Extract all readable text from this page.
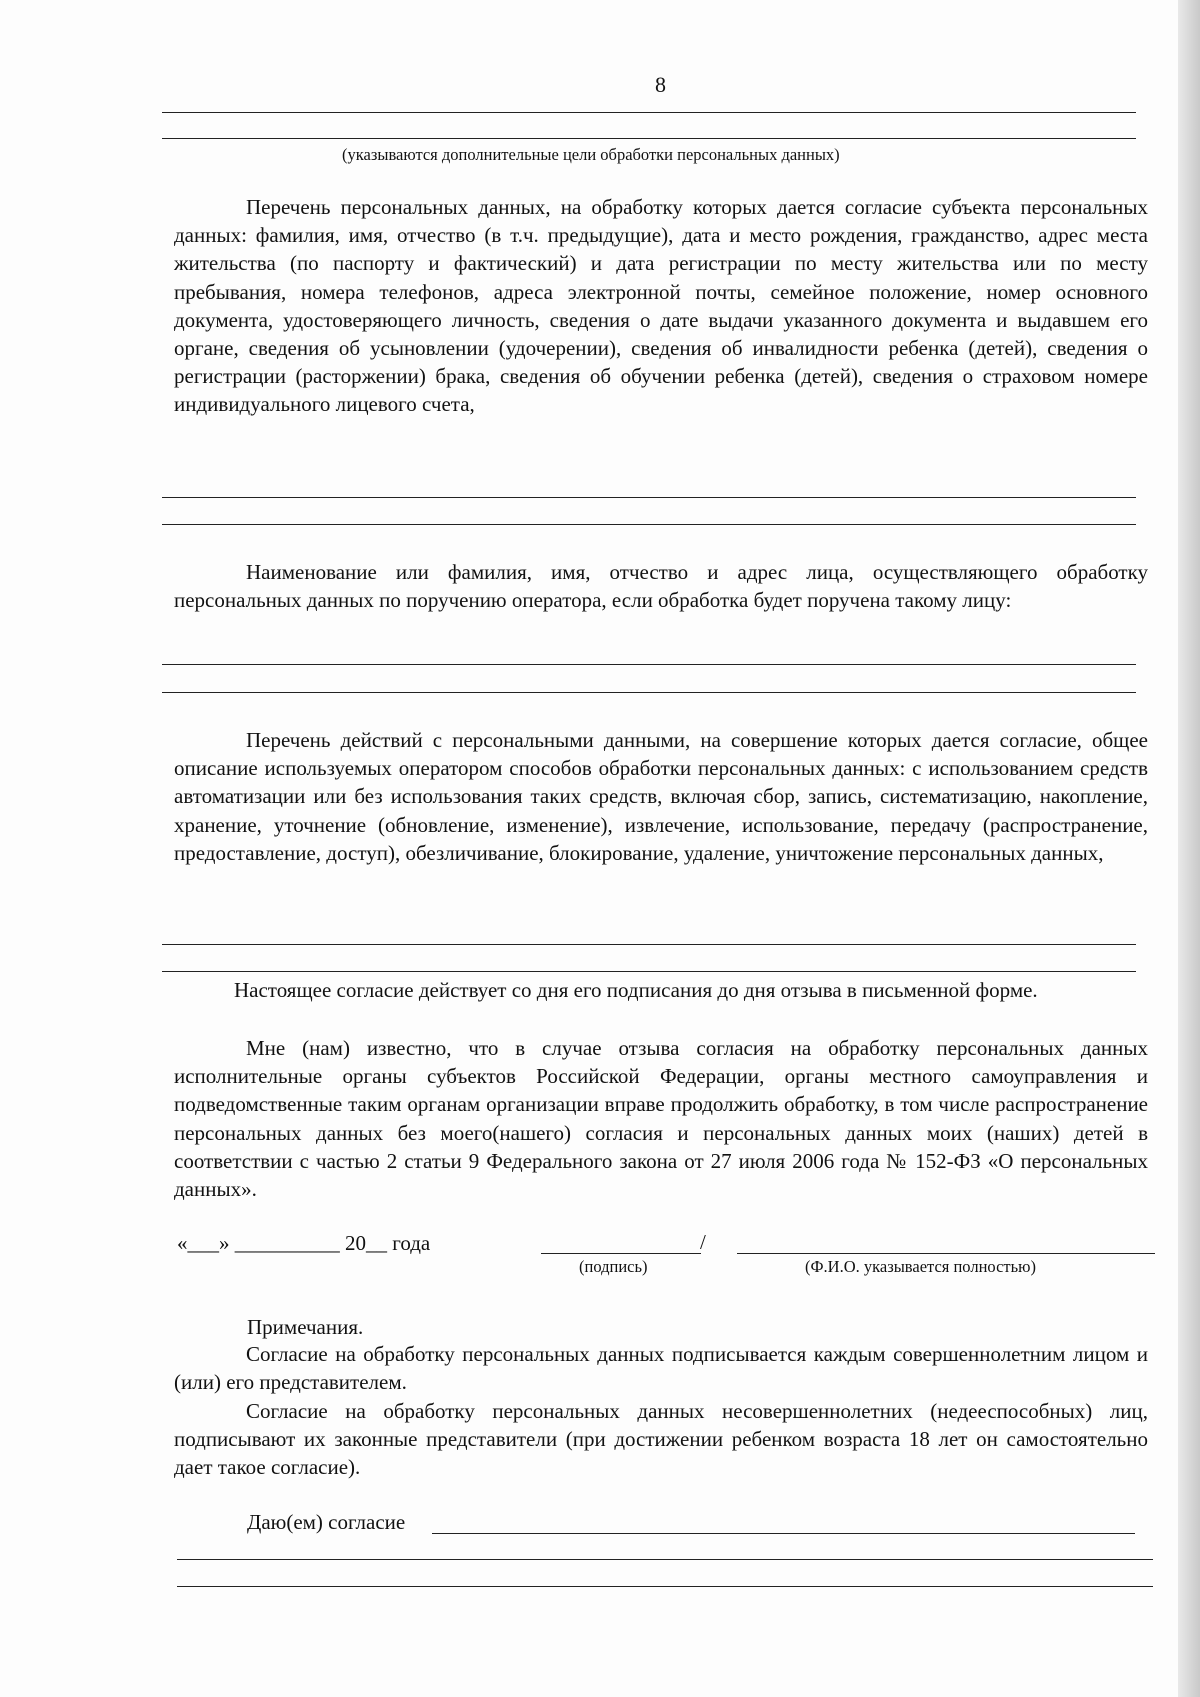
8
(указываются дополнительные цели обработки персональных данных)

Перечень персональных данных, на обработку которых дается согласие субъекта персональных данных: фамилия, имя, отчество (в т.ч. предыдущие), дата и место рождения, гражданство, адрес места жительства (по паспорту и фактический) и дата регистрации по месту жительства или по месту пребывания, номера телефонов, адреса электронной почты, семейное положение, номер основного документа, удостоверяющего личность, сведения о дате выдачи указанного документа и выдавшем его органе, сведения об усыновлении (удочерении), сведения об инвалидности ребенка (детей), сведения о регистрации (расторжении) брака, сведения об обучении ребенка (детей), сведения о страховом номере индивидуального лицевого счета,

Наименование или фамилия, имя, отчество и адрес лица, осуществляющего обработку персональных данных по поручению оператора, если обработка будет поручена такому лицу:

Перечень действий с персональными данными, на совершение которых дается согласие, общее описание используемых оператором способов обработки персональных данных: с использованием средств автоматизации или без использования таких средств, включая сбор, запись, систематизацию, накопление, хранение, уточнение (обновление, изменение), извлечение, использование, передачу (распространение, предоставление, доступ), обезличивание, блокирование, удаление, уничтожение персональных данных,

Настоящее согласие действует со дня его подписания до дня отзыва в письменной форме.

Мне (нам) известно, что в случае отзыва согласия на обработку персональных данных исполнительные органы субъектов Российской Федерации, органы местного самоуправления и подведомственные таким органам организации вправе продолжить обработку, в том числе распространение персональных данных без моего(нашего) согласия и персональных данных моих (наших) детей в соответствии с частью 2 статьи 9 Федерального закона от 27 июля 2006 года № 152-ФЗ «О персональных данных».

«___» __________ 20__ года	/
(подпись)	(Ф.И.О. указывается полностью)
Примечания.

Согласие на обработку персональных данных подписывается каждым совершеннолетним лицом и (или) его представителем.

Согласие на обработку персональных данных несовершеннолетних (недееспособных) лиц, подписывают их законные представители (при достижении ребенком возраста 18 лет он самостоятельно дает такое согласие).

Даю(ем) согласие
